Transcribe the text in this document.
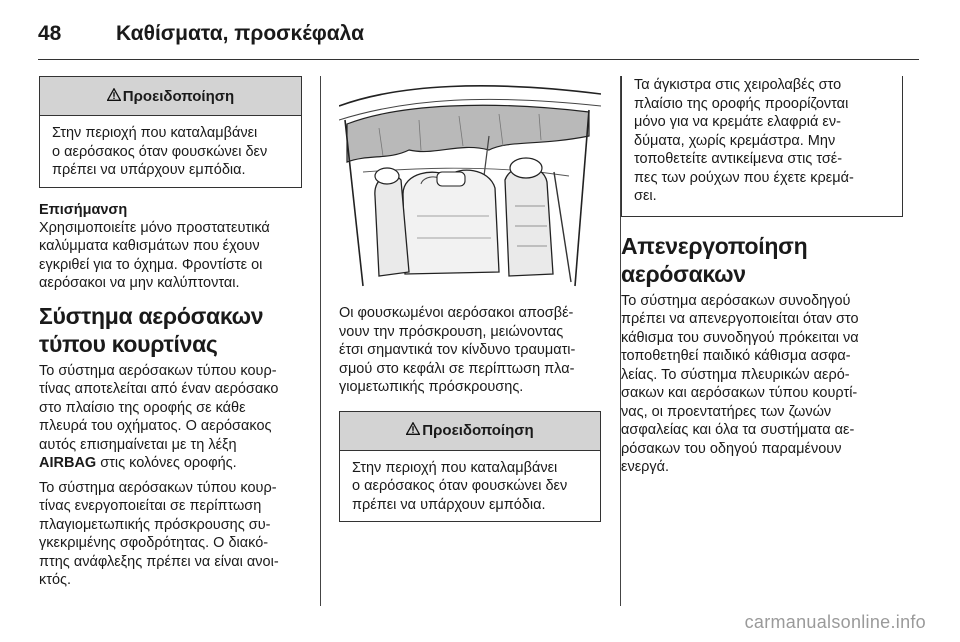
48	Καθίσματα, προσκέφαλα
Προειδοποίηση
Στην περιοχή που καταλαμβάνει
ο αερόσακος όταν φουσκώνει δεν
πρέπει να υπάρχουν εμπόδια.
Επισήμανση
Χρησιμοποιείτε μόνο προστατευτικά
καλύμματα καθισμάτων που έχουν
εγκριθεί για το όχημα. Φροντίστε οι
αερόσακοι να μην καλύπτονται.
Σύστημα αερόσακων
τύπου κουρτίνας
Το σύστημα αερόσακων τύπου κουρ-
τίνας αποτελείται από έναν αερόσακο
στο πλαίσιο της οροφής σε κάθε
πλευρά του οχήματος. Ο αερόσακος
αυτός επισημαίνεται με τη λέξη
AIRBAG στις κολόνες οροφής.
Το σύστημα αερόσακων τύπου κουρ-
τίνας ενεργοποιείται σε περίπτωση
πλαγιομετωπικής πρόσκρουσης συ-
γκεκριμένης σφοδρότητας. Ο διακό-
πτης ανάφλεξης πρέπει να είναι ανοι-
κτός.
Οι φουσκωμένοι αερόσακοι αποσβέ-
νουν την πρόσκρουση, μειώνοντας
έτσι σημαντικά τον κίνδυνο τραυματι-
σμού στο κεφάλι σε περίπτωση πλα-
γιομετωπικής πρόσκρουσης.
Προειδοποίηση
Στην περιοχή που καταλαμβάνει
ο αερόσακος όταν φουσκώνει δεν
πρέπει να υπάρχουν εμπόδια.
Τα άγκιστρα στις χειρολαβές στο
πλαίσιο της οροφής προορίζονται
μόνο για να κρεμάτε ελαφριά εν-
δύματα, χωρίς κρεμάστρα. Μην
τοποθετείτε αντικείμενα στις τσέ-
πες των ρούχων που έχετε κρεμά-
σει.
Απενεργοποίηση
αερόσακων
Το σύστημα αερόσακων συνοδηγού
πρέπει να απενεργοποιείται όταν στο
κάθισμα του συνοδηγού πρόκειται να
τοποθετηθεί παιδικό κάθισμα ασφα-
λείας. Το σύστημα πλευρικών αερό-
σακων και αερόσακων τύπου κουρτί-
νας, οι προεντατήρες των ζωνών
ασφαλείας και όλα τα συστήματα αε-
ρόσακων του οδηγού παραμένουν
ενεργά.
carmanualsonline.info
